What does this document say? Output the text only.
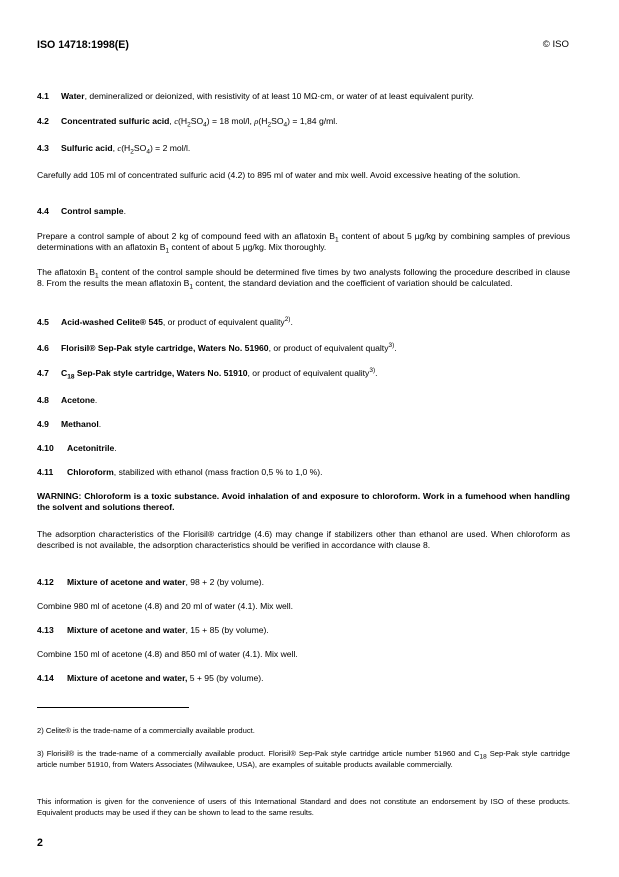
ISO 14718:1998(E)	© ISO

4.1 Water, demineralized or deionized, with resistivity of at least 10 MΩ·cm, or water of at least equivalent purity.

4.2 Concentrated sulfuric acid, $c(H_2SO_4) = 18$ mol/l, $\rho(H_2SO_4) = 1,84$ g/ml.

4.3 Sulfuric acid, $c(H_2SO_4) = 2$ mol/l.

Carefully add 105 ml of concentrated sulfuric acid (4.2) to 895 ml of water and mix well. Avoid excessive heating of the solution.

4.4 Control sample.

Prepare a control sample of about 2 kg of compound feed with an aflatoxin $B_1$ content of about 5 µg/kg by combining samples of previous determinations with an aflatoxin $B_1$ content of about 5 µg/kg. Mix thoroughly.

The aflatoxin $B_1$ content of the control sample should be determined five times by two analysts following the procedure described in clause 8. From the results the mean aflatoxin $B_1$ content, the standard deviation and the coefficient of variation should be calculated.

4.5 Acid-washed Celite® 545, or product of equivalent quality$^{2)}$.

4.6 Florisil® Sep-Pak style cartridge, Waters No. 51960, or product of equivalent qualty$^{3)}$.

4.7 $C_{18}$ Sep-Pak style cartridge, Waters No. 51910, or product of equivalent quality$^{3)}$.

4.8 Acetone.

4.9 Methanol.

4.10 Acetonitrile.

4.11 Chloroform, stabilized with ethanol (mass fraction 0,5 % to 1,0 %).

WARNING: Chloroform is a toxic substance. Avoid inhalation of and exposure to chloroform. Work in a fumehood when handling the solvent and solutions thereof.

The adsorption characteristics of the Florisil® cartridge (4.6) may change if stabilizers other than ethanol are used. When chloroform as described is not available, the adsorption characteristics should be verified in accordance with clause 8.

4.12 Mixture of acetone and water, 98 + 2 (by volume).

Combine 980 ml of acetone (4.8) and 20 ml of water (4.1). Mix well.

4.13 Mixture of acetone and water, 15 + 85 (by volume).

Combine 150 ml of acetone (4.8) and 850 ml of water (4.1). Mix well.

4.14 Mixture of acetone and water, 5 + 95 (by volume).

2) Celite® is the trade-name of a commercially available product.

3) Florisil® is the trade-name of a commercially available product. Florisil® Sep-Pak style cartridge article number 51960 and $C_{18}$ Sep-Pak style cartridge article number 51910, from Waters Associates (Milwaukee, USA), are examples of suitable products available commercially.

This information is given for the convenience of users of this International Standard and does not constitute an endorsement by ISO of these products. Equivalent products may be used if they can be shown to lead to the same results.

2
